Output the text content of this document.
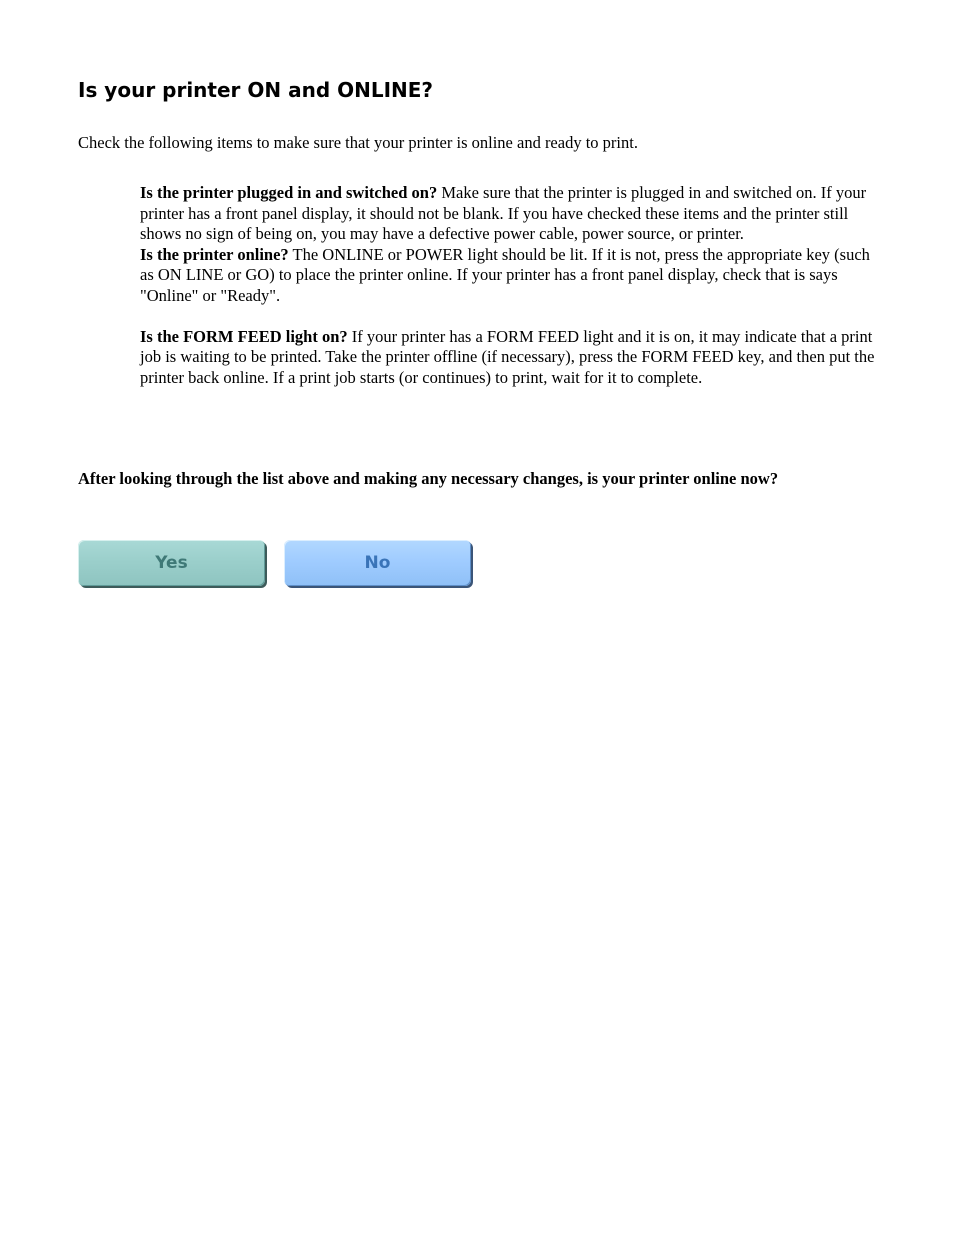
Is your printer ON and ONLINE?

Check the following items to make sure that your printer is online and ready to print.

Is the printer plugged in and switched on? Make sure that the printer is plugged in and switched on. If your printer has a front panel display, it should not be blank. If you have checked these items and the printer still shows no sign of being on, you may have a defective power cable, power source, or printer.

Is the printer online? The ONLINE or POWER light should be lit. If it is not, press the appropriate key (such as ON LINE or GO) to place the printer online. If your printer has a front panel display, check that is says "Online" or "Ready".

Is the FORM FEED light on? If your printer has a FORM FEED light and it is on, it may indicate that a print job is waiting to be printed. Take the printer offline (if necessary), press the FORM FEED key, and then put the printer back online. If a print job starts (or continues) to print, wait for it to complete.

After looking through the list above and making any necessary changes, is your printer online now?

Yes	No
